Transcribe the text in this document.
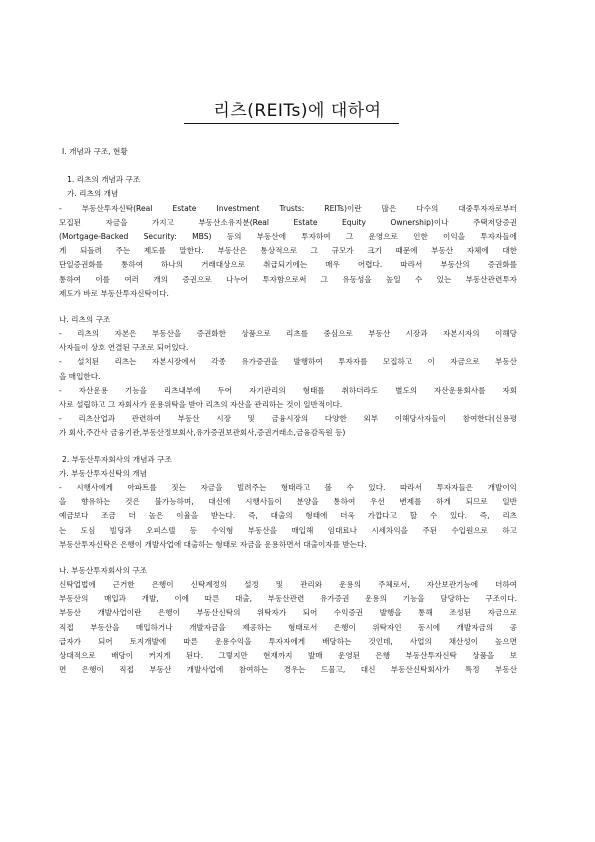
리츠(REITs)에 대하여
Ⅰ. 개념과 구조, 현황
1. 리츠의 개념과 구조
가. 리츠의 개념
- 부동산투자신탁(Real Estate Investment Trusts: REITs)이란 많은 다수의 대중투자자로부터
모집된 자금을 가지고 부동산소유지분(Real Estate Equity Ownership)이나 주택저당증권
(Mortgage-Backed Security: MBS) 등의 부동산에 투자하여 그 운영으로 인한 이익을 투자자들에
게 되돌려 주는 제도를 말한다. 부동산은 통상적으로 그 규모가 크기 때문에 부동산 자체에 대한
단일증권화를 통하여 하나의 거래대상으로 취급되기에는 매우 어렵다. 따라서 부동산의 증권화를
통하여 이를 여러 개의 증권으로 나누어 투자함으로써 그 유동성을 높일 수 있는 부동산관련투자
제도가 바로 부동산투자신탁이다.
나. 리츠의 구조
- 리츠의 자본은 부동산을 증권화한 상품으로 리츠를 중심으로 부동산 시장과 자본시자의 이해당
사자들이 상호 연결된 구조로 되어있다.
- 설치된 리츠는 자본시장에서 각종 유가증권을 발행하여 투자자를 모집하고 이 자금으로 부동산
을 매입한다.
- 자산운용 기능을 리츠내부에 두어 자기관리의 형태를 취하더라도 별도의 자산운용회사를 자회
사로 설립하고 그 자회사가 운용위탁을 받아 리츠의 자산을 관리하는 것이 일반적이다.
- 리츠산업과 관련하여 부동산 시장 및 금융시장의 다양한 외부 이해당사자들이 참여한다(신용평
가 회사,주간사 금융기관,부동산정보회사,유가증권보관회사,증권거래소,금융감독원 등)
2. 부동산투자회사의 개념과 구조
가. 부동산투자신탁의 개념
- 시행사에게 아파트를 짓는 자금을 빌려주는 형태라고 볼 수 있다. 따라서 투자자들은 개발이익
을 향유하는 것은 불가능하며, 대신에 시행사들이 분양을 통하여 우선 변제를 하게 되므로 일반
예금보다 조금 더 높은 이율을 받는다. 즉, 대출의 형태에 더욱 가깝다고 할 수 있다. 즉, 리츠
는 도심 빌딩과 오피스텔 등 수익형 부동산을 매입해 임대료나 시세차익을 주된 수입원으로 하고
부동산투자신탁은 은행이 개발사업에 대출하는 형태로 자금을 운용하면서 대출이자를 받는다.
나. 부동산투자회사의 구조
신탁업법에 근거한 은행이 신탁계정의 설정 및 관리와 운용의 주체로서, 자산보관기능에 더하여
부동산의 매입과 개발, 이에 따른 대출, 부동산관련 유가증권 운용의 기능을 담당하는 구조이다.
부동산 개발사업이란 은행이 부동산신탁의 위탁자가 되어 수익증권 발행을 통해 조성된 자금으로
직접 부동산을 매입하거나 개발자금을 제공하는 형태로서 은행이 위탁자인 동시에 개발자금의 공
급자가 되어 토지개발에 따른 운용수익을 투자자에게 배당하는 것인데, 사업의 채산성이 높으면
상대적으로 배당이 커지게 된다. 그렇지만 현재까지 발매 운영된 은행 부동산투자신탁 상품을 보
면 은행이 직접 부동산 개발사업에 참여하는 경우는 드물고, 대신 부동산신탁회사가 특정 부동산
